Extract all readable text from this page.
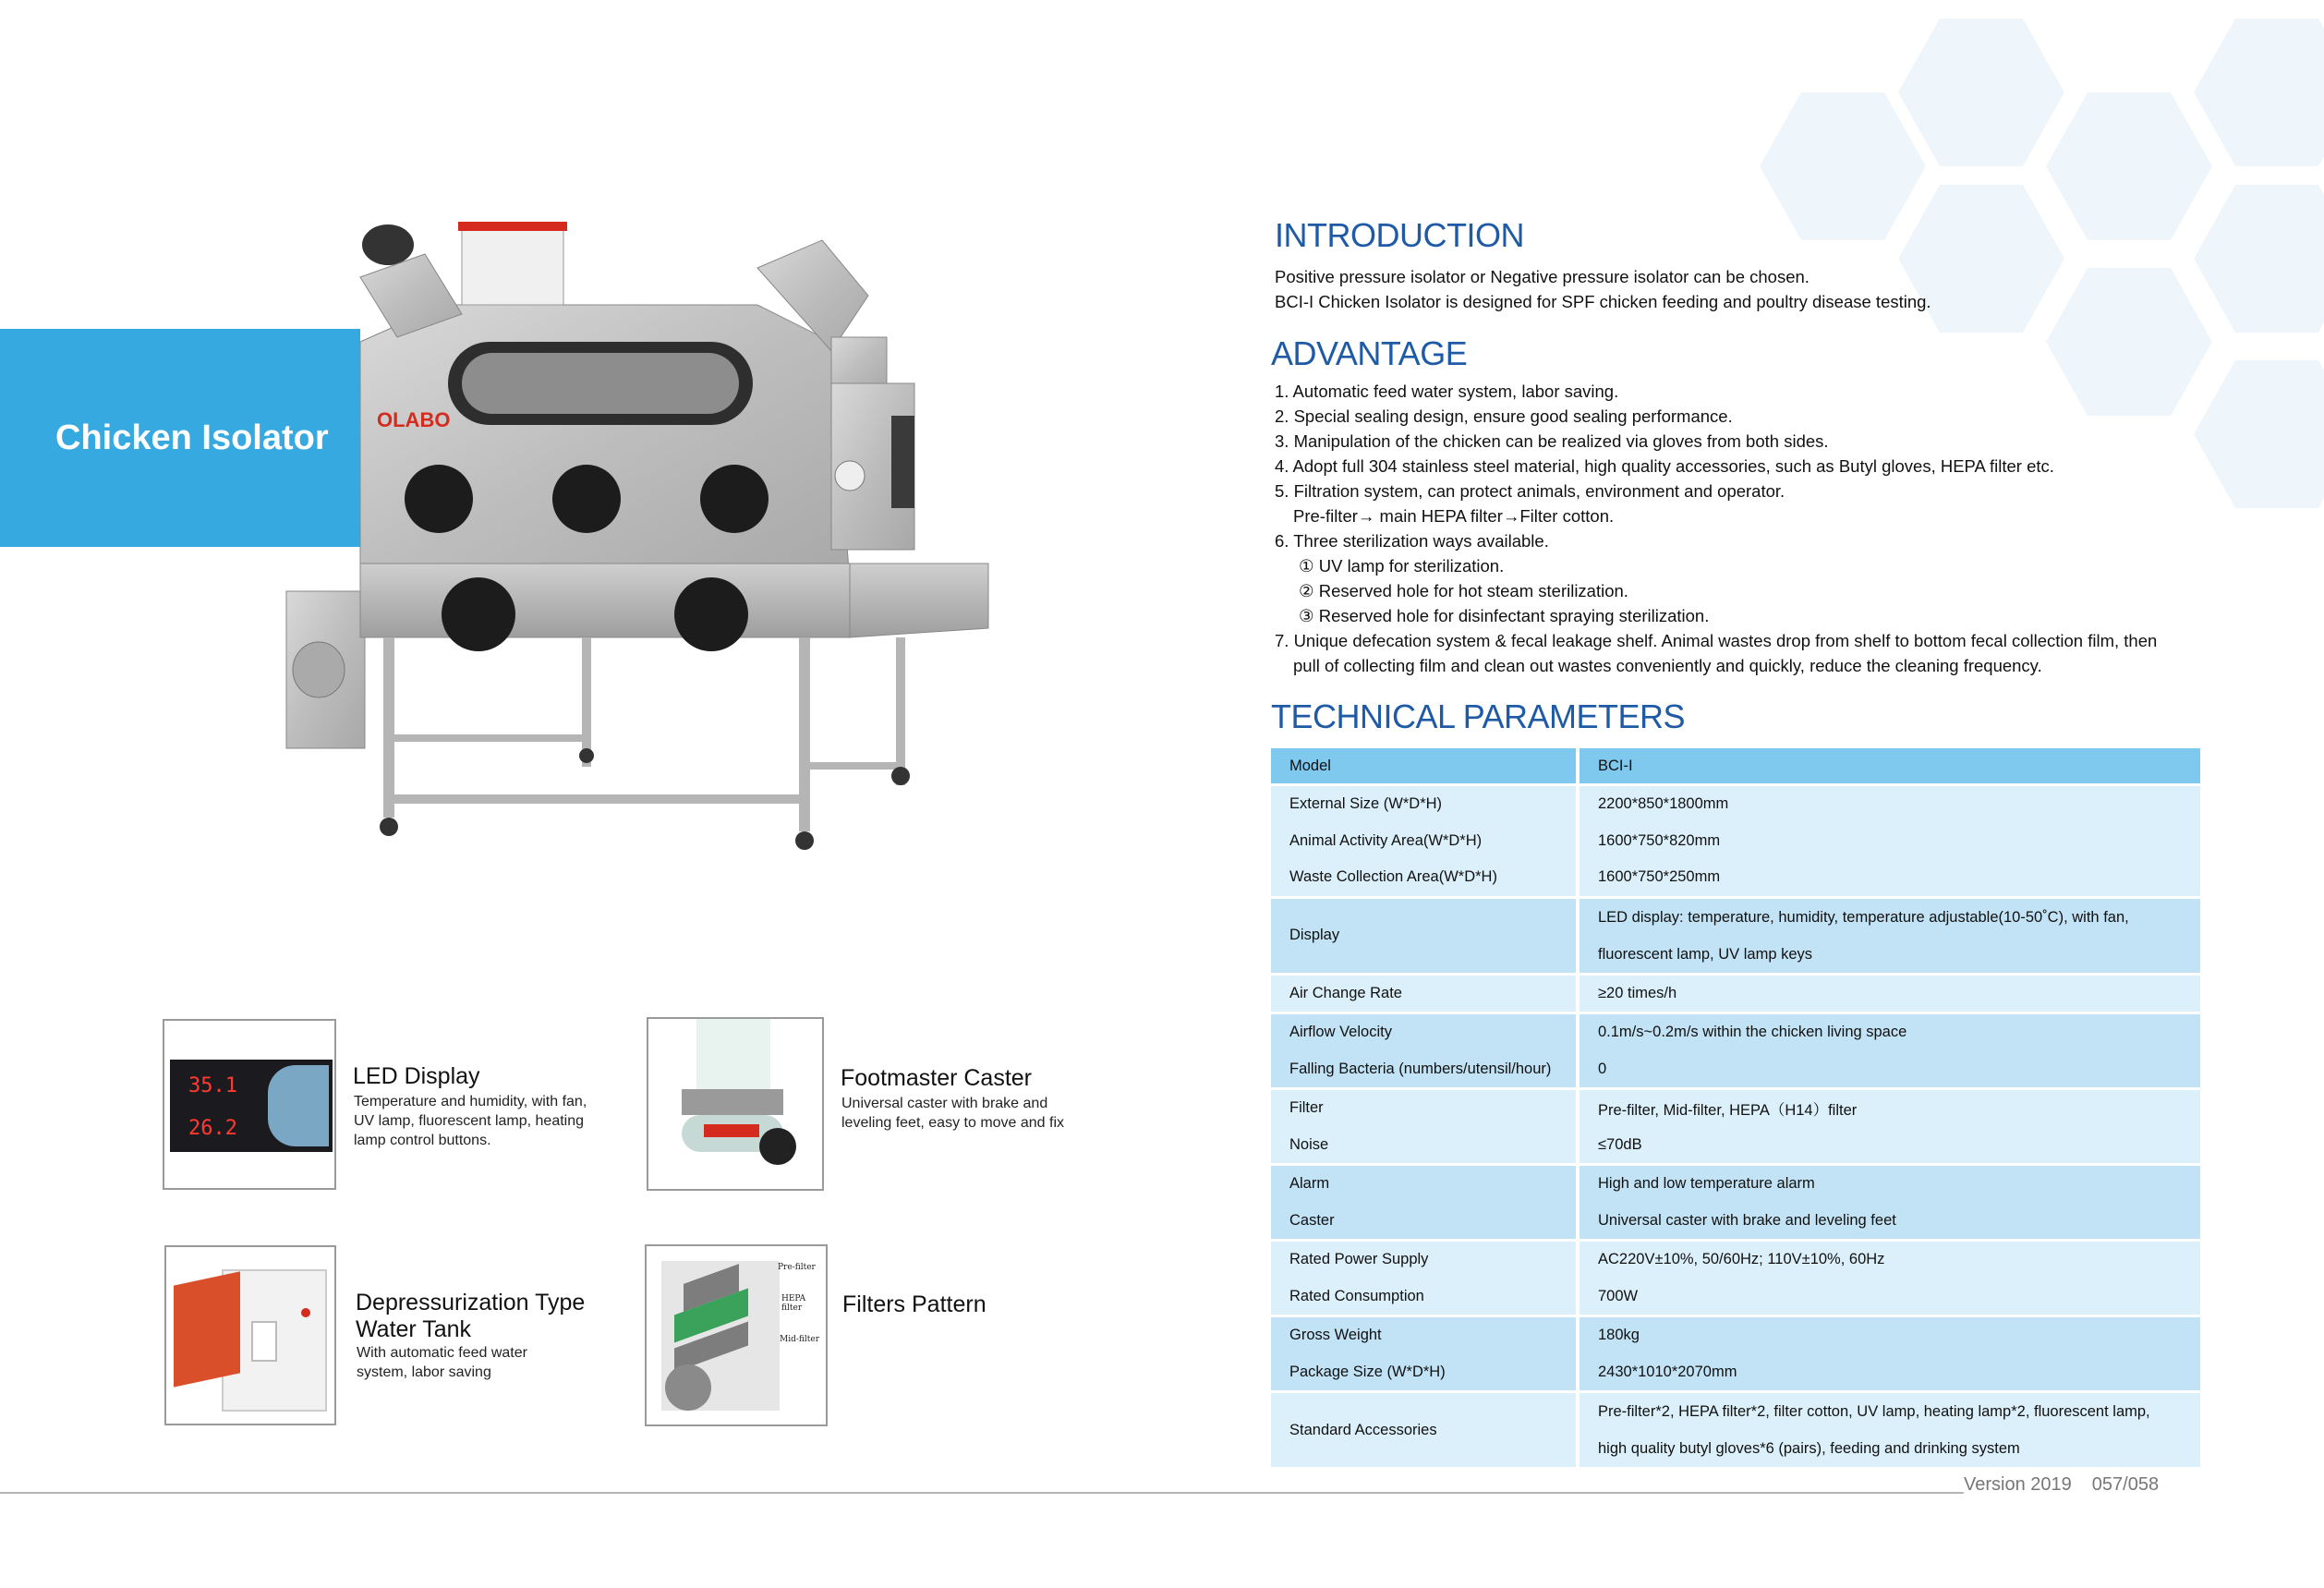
Chicken Isolator OLABO
35.1
26.2
LED Display
Temperature and humidity, with fan,
UV lamp, fluorescent lamp, heating
lamp control buttons.
Footmaster Caster
Universal caster with brake and
leveling feet, easy to move and fix
Depressurization Type
Water Tank
With automatic feed water
system, labor saving
Pre-filter
HEPA filter
Mid-filter
Filters Pattern
INTRODUCTION
Positive pressure isolator or Negative pressure isolator can be chosen.
BCI-I Chicken Isolator is designed for SPF chicken feeding and poultry disease testing.
ADVANTAGE
1. Automatic feed water system, labor saving.
2. Special sealing design, ensure good sealing performance.
3. Manipulation of the chicken can be realized via gloves from both sides.
4. Adopt full 304 stainless steel material, high quality accessories, such as Butyl gloves, HEPA filter etc.
5. Filtration system, can protect animals, environment and operator.
Pre-filter→ main HEPA filter→Filter cotton.
6. Three sterilization ways available.
① UV lamp for sterilization.
② Reserved hole for hot steam sterilization.
③ Reserved hole for disinfectant spraying sterilization.
7. Unique defecation system & fecal leakage shelf. Animal wastes drop from shelf to bottom fecal collection film, then
pull of collecting film and clean out wastes conveniently and quickly, reduce the cleaning frequency.
TECHNICAL PARAMETERS
Model	BCI-I
External Size (W*D*H)	2200*850*1800mm
Animal Activity Area(W*D*H)	1600*750*820mm
Waste Collection Area(W*D*H)	1600*750*250mm
Display	LED display: temperature, humidity, temperature adjustable(10-50˚C), with fan,
fluorescent lamp, UV lamp keys

Air Change Rate	≥20 times/h
Airflow Velocity	0.1m/s~0.2m/s within the chicken living space
Falling Bacteria (numbers/utensil/hour)	0
Filter	Pre-filter, Mid-filter, HEPA（H14）filter
Noise	≤70dB
Alarm	High and low temperature alarm
Caster	Universal caster with brake and leveling feet
Rated Power Supply	AC220V±10%, 50/60Hz; 110V±10%, 60Hz
Rated Consumption	700W
Gross Weight	180kg
Package Size (W*D*H)	2430*1010*2070mm
Standard Accessories	Pre-filter*2, HEPA filter*2, filter cotton, UV lamp, heating lamp*2, fluorescent lamp,
high quality butyl gloves*6 (pairs), feeding and drinking system
Version 2019 057/058
